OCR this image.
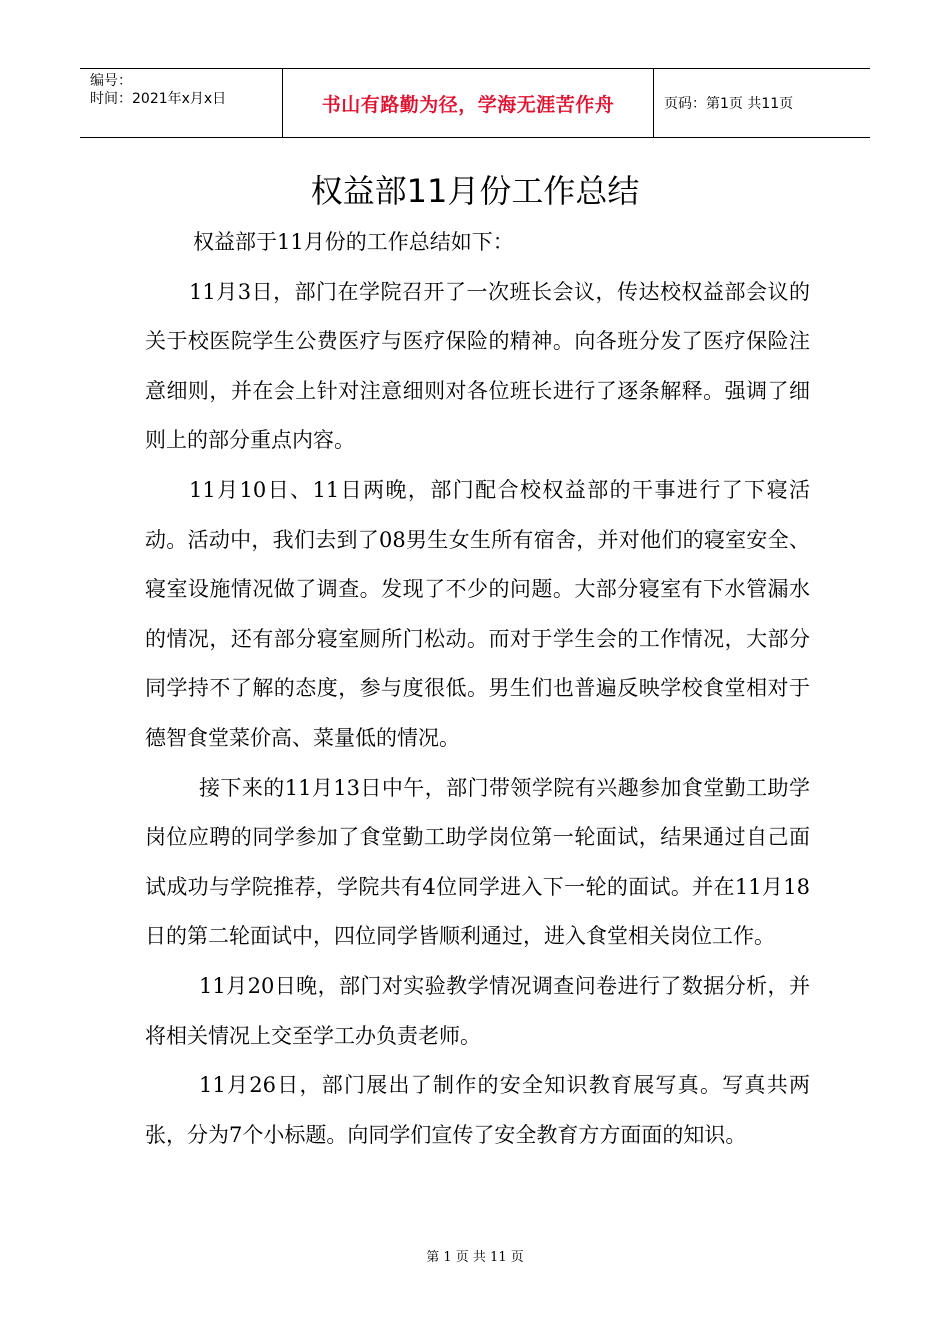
编号：
时间：2021年x月x日	书山有路勤为径，学海无涯苦作舟	页码：第1页 共11页
权益部11月份工作总结

权益部于11月份的工作总结如下：

11月3日，部门在学院召开了一次班长会议，传达校权益部会议的关于校医院学生公费医疗与医疗保险的精神。向各班分发了医疗保险注意细则，并在会上针对注意细则对各位班长进行了逐条解释。强调了细则上的部分重点内容。

11月10日、11日两晚，部门配合校权益部的干事进行了下寝活动。活动中，我们去到了08男生女生所有宿舍，并对他们的寝室安全、寝室设施情况做了调查。发现了不少的问题。大部分寝室有下水管漏水的情况，还有部分寝室厕所门松动。而对于学生会的工作情况，大部分同学持不了解的态度，参与度很低。男生们也普遍反映学校食堂相对于德智食堂菜价高、菜量低的情况。

接下来的11月13日中午，部门带领学院有兴趣参加食堂勤工助学岗位应聘的同学参加了食堂勤工助学岗位第一轮面试，结果通过自己面试成功与学院推荐，学院共有4位同学进入下一轮的面试。并在11月18日的第二轮面试中，四位同学皆顺利通过，进入食堂相关岗位工作。

11月20日晚，部门对实验教学情况调查问卷进行了数据分析，并将相关情况上交至学工办负责老师。

11月26日，部门展出了制作的安全知识教育展写真。写真共两张，分为7个小标题。向同学们宣传了安全教育方方面面的知识。

第 1 页 共 11 页
